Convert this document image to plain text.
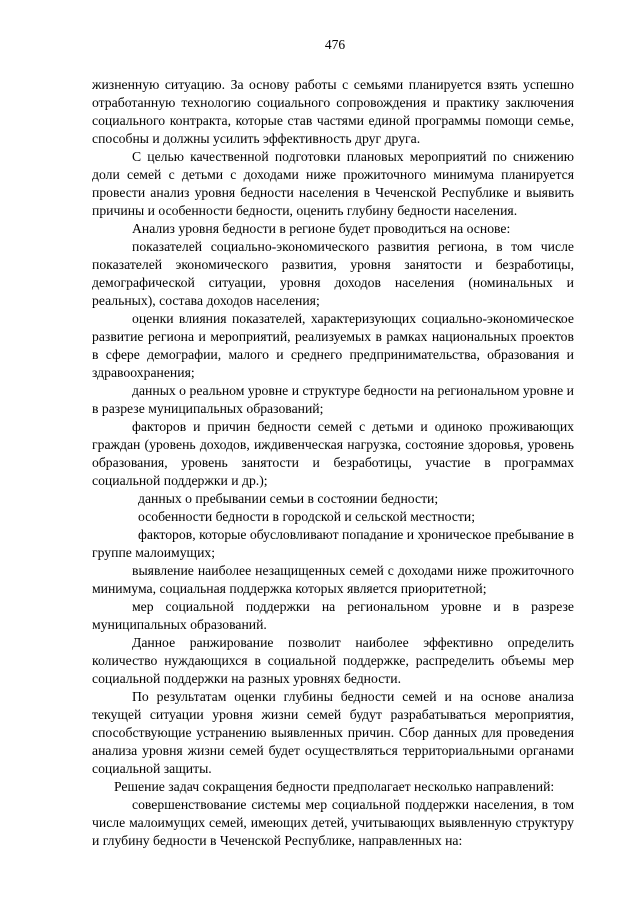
476

жизненную ситуацию. За основу работы с семьями планируется взять успешно отработанную технологию социального сопровождения и практику заключения социального контракта, которые став частями единой программы помощи семье, способны и должны усилить эффективность друг друга.

С целью качественной подготовки плановых мероприятий по снижению доли семей с детьми с доходами ниже прожиточного минимума планируется провести анализ уровня бедности населения в Чеченской Республике и выявить причины и особенности бедности, оценить глубину бедности населения.

Анализ уровня бедности в регионе будет проводиться на основе:

показателей социально-экономического развития региона, в том числе показателей экономического развития, уровня занятости и безработицы, демографической ситуации, уровня доходов населения (номинальных и реальных), состава доходов населения;

оценки влияния показателей, характеризующих социально-экономическое развитие региона и мероприятий, реализуемых в рамках национальных проектов в сфере демографии, малого и среднего предпринимательства, образования и здравоохранения;

данных о реальном уровне и структуре бедности на региональном уровне и в разрезе муниципальных образований;

факторов и причин бедности семей с детьми и одиноко проживающих граждан (уровень доходов, иждивенческая нагрузка, состояние здоровья, уровень образования, уровень занятости и безработицы, участие в программах социальной поддержки и др.);

данных о пребывании семьи в состоянии бедности;

особенности бедности в городской и сельской местности;

факторов, которые обусловливают попадание и хроническое пребывание в группе малоимущих;

выявление наиболее незащищенных семей с доходами ниже прожиточного минимума, социальная поддержка которых является приоритетной;

мер социальной поддержки на региональном уровне и в разрезе муниципальных образований.

Данное ранжирование позволит наиболее эффективно определить количество нуждающихся в социальной поддержке, распределить объемы мер социальной поддержки на разных уровнях бедности.

По результатам оценки глубины бедности семей и на основе анализа текущей ситуации уровня жизни семей будут разрабатываться мероприятия, способствующие устранению выявленных причин. Сбор данных для проведения анализа уровня жизни семей будет осуществляться территориальными органами социальной защиты.

Решение задач сокращения бедности предполагает несколько направлений:

совершенствование системы мер социальной поддержки населения, в том числе малоимущих семей, имеющих детей, учитывающих выявленную структуру и глубину бедности в Чеченской Республике, направленных на:
